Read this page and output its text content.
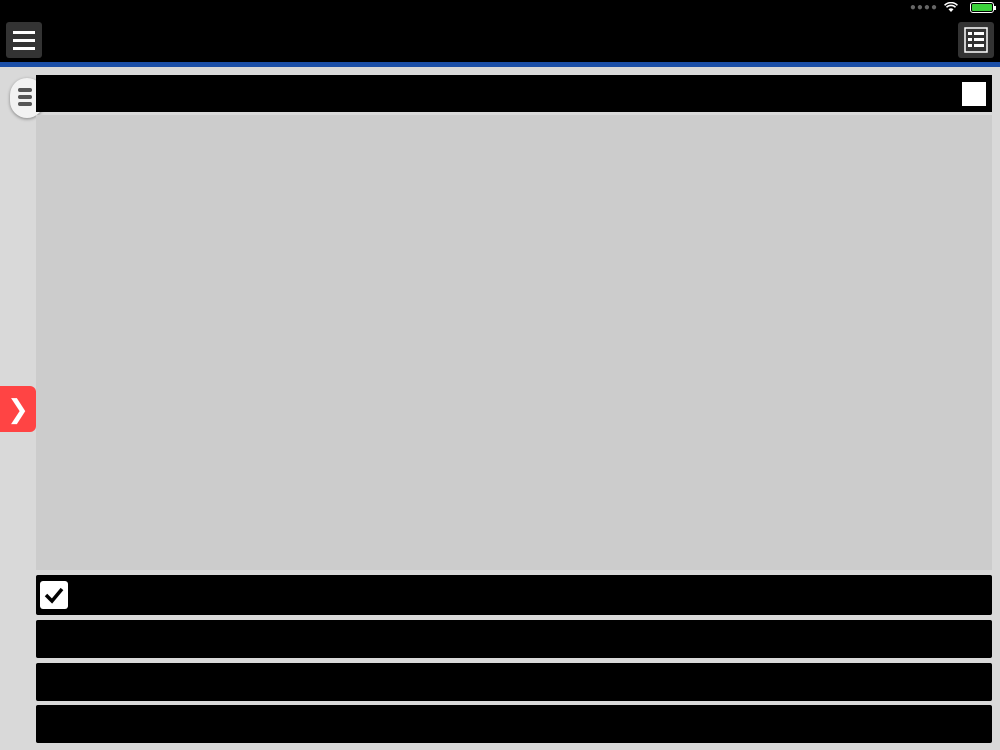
●●●●
❯
